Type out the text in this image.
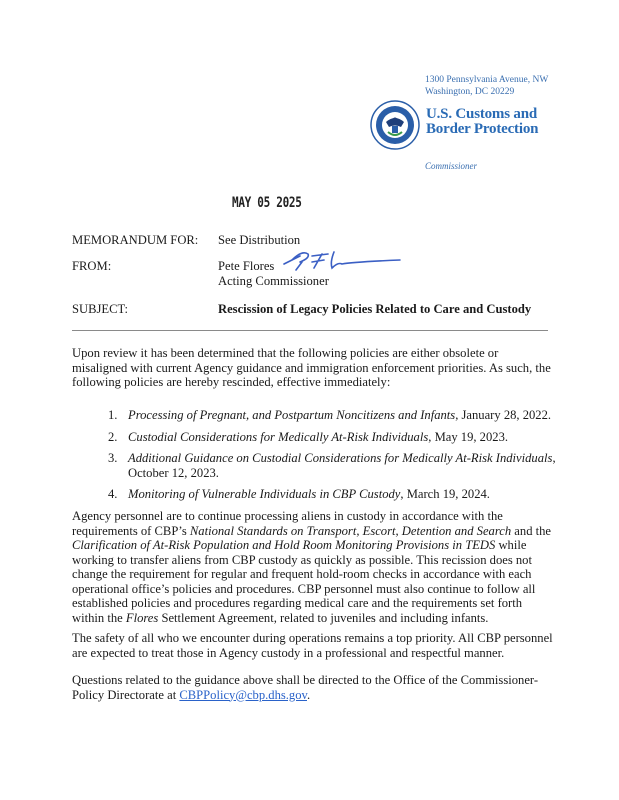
1300 Pennsylvania Avenue, NW
Washington, DC 20229
U.S. Customs and
Border Protection
Commissioner
MAY 05 2025
MEMORANDUM FOR: See Distribution
FROM:	Pete Flores
Acting Commissioner
SUBJECT:	Rescission of Legacy Policies Related to Care and Custody
Upon review it has been determined that the following policies are either obsolete or misaligned with current Agency guidance and immigration enforcement priorities. As such, the following policies are hereby rescinded, effective immediately:
1. Processing of Pregnant, and Postpartum Noncitizens and Infants, January 28, 2022.
2. Custodial Considerations for Medically At-Risk Individuals, May 19, 2023.
3. Additional Guidance on Custodial Considerations for Medically At-Risk Individuals, October 12, 2023.
4. Monitoring of Vulnerable Individuals in CBP Custody, March 19, 2024.
Agency personnel are to continue processing aliens in custody in accordance with the requirements of CBP’s National Standards on Transport, Escort, Detention and Search and the Clarification of At-Risk Population and Hold Room Monitoring Provisions in TEDS while working to transfer aliens from CBP custody as quickly as possible. This recission does not change the requirement for regular and frequent hold-room checks in accordance with each operational office’s policies and procedures. CBP personnel must also continue to follow all established policies and procedures regarding medical care and the requirements set forth within the Flores Settlement Agreement, related to juveniles and including infants.
The safety of all who we encounter during operations remains a top priority. All CBP personnel are expected to treat those in Agency custody in a professional and respectful manner.
Questions related to the guidance above shall be directed to the Office of the Commissioner-Policy Directorate at CBPPolicy@cbp.dhs.gov.
